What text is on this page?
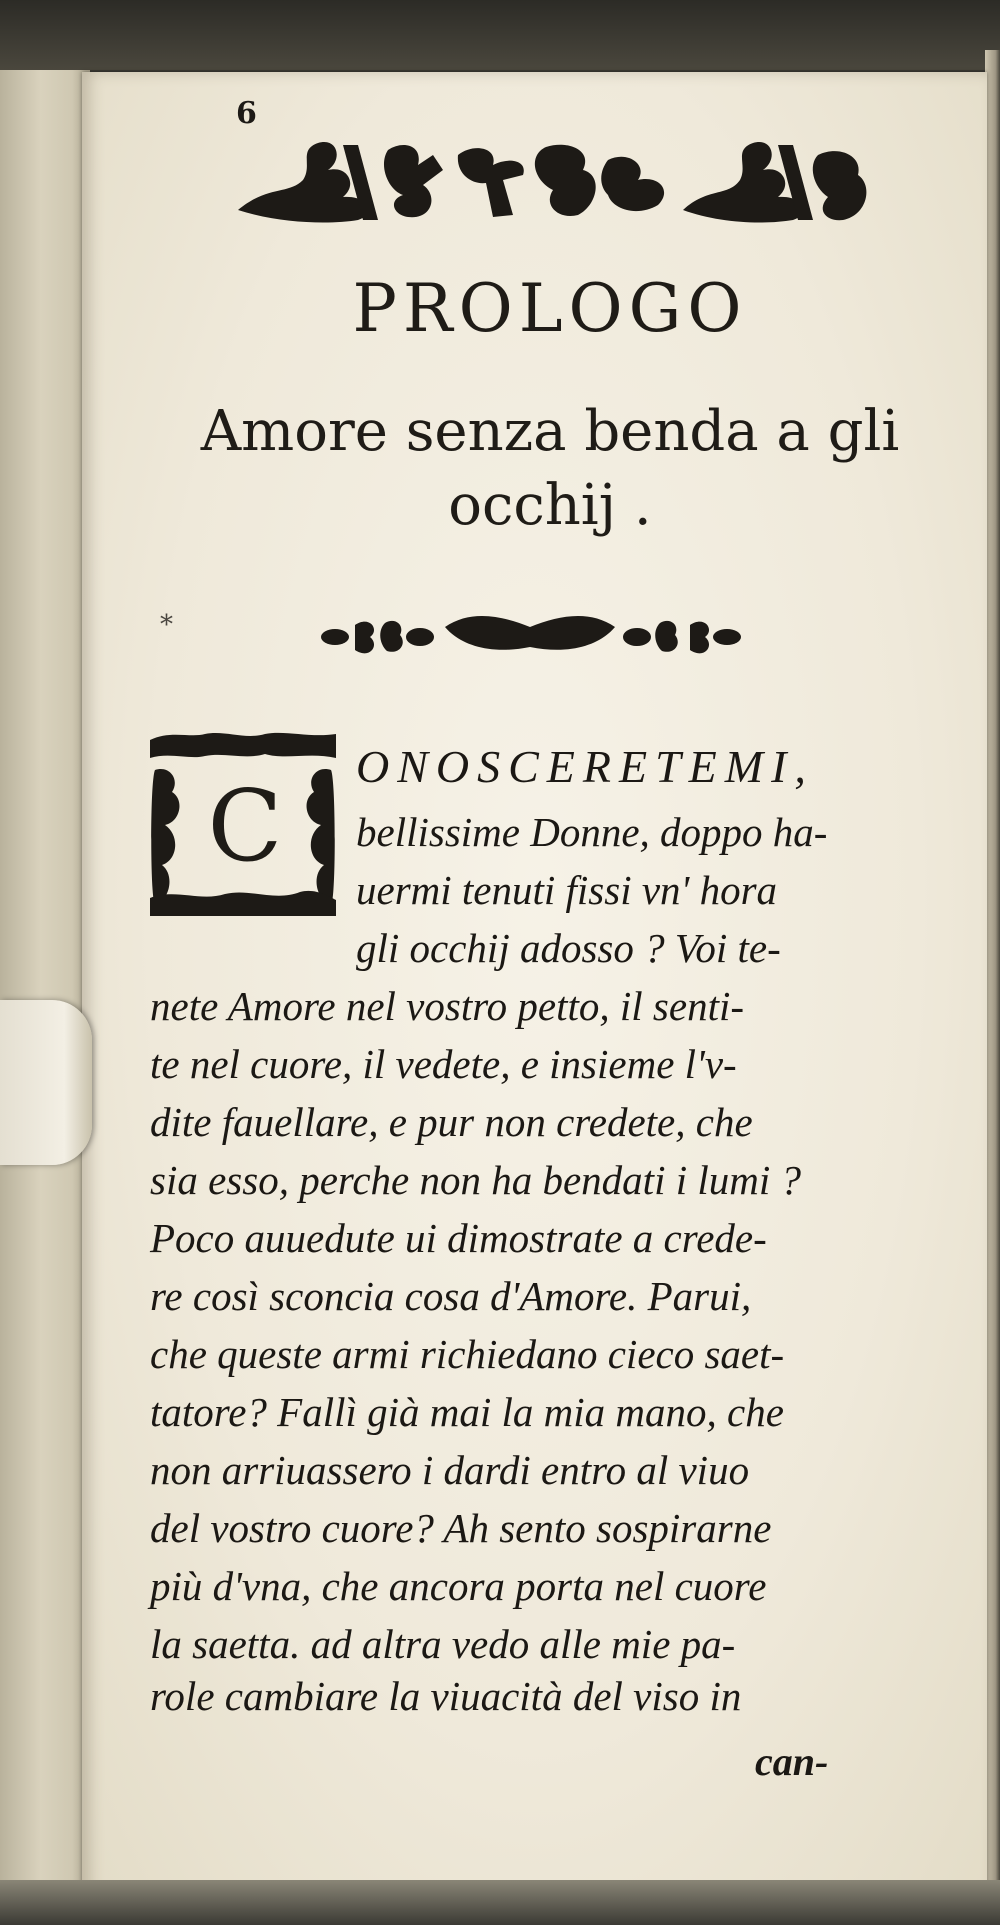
6
PROLOGO
Amore senza benda a gli
occhij .
*
C
ONOSCERETEMI,
bellissime Donne, doppo ha-
uermi tenuti fissi vn' hora
gli occhij adosso ? Voi te-
nete Amore nel vostro petto, il senti-
te nel cuore, il vedete, e insieme l'v-
dite fauellare, e pur non credete, che
sia esso, perche non ha bendati i lumi ?
Poco auuedute ui dimostrate a crede-
re così sconcia cosa d'Amore. Parui,
che queste armi richiedano cieco saet-
tatore? Fallì già mai la mia mano, che
non arriuassero i dardi entro al viuo
del vostro cuore? Ah sento sospirarne
più d'vna, che ancora porta nel cuore
la saetta. ad altra vedo alle mie pa-
role cambiare la viuacità del viso in
can-
